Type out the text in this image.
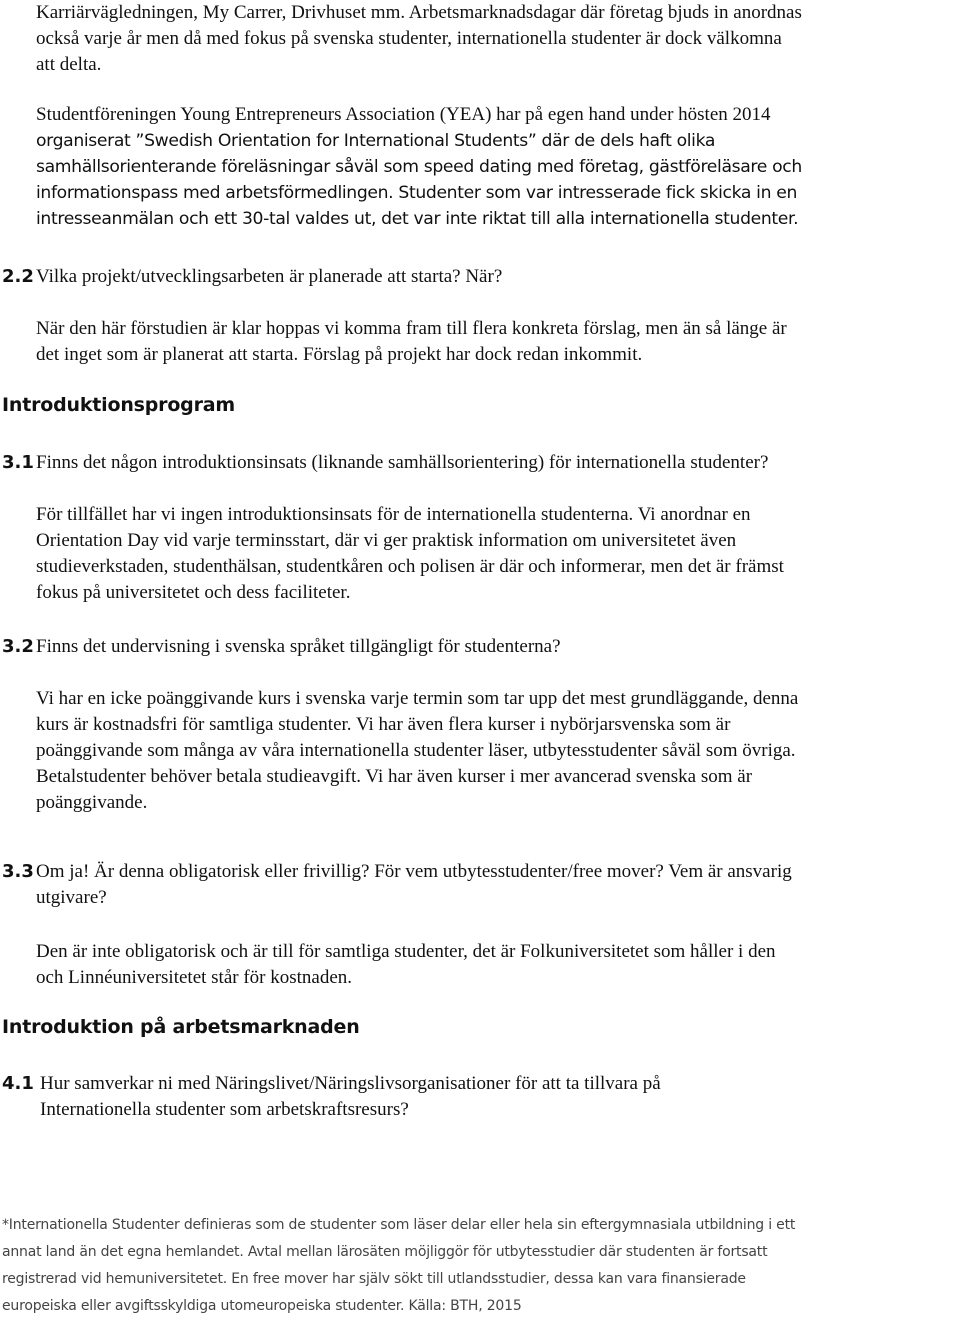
Karriärvägledningen, My Carrer, Drivhuset mm. Arbetsmarknadsdagar där företag bjuds in anordnas
också varje år men då med fokus på svenska studenter, internationella studenter är dock välkomna
att delta.
Studentföreningen Young Entrepreneurs Association (YEA) har på egen hand under hösten 2014
organiserat ”Swedish Orientation for International Students” där de dels haft olika
samhällsorienterande föreläsningar såväl som speed dating med företag, gästföreläsare och
informationspass med arbetsförmedlingen. Studenter som var intresserade fick skicka in en
intresseanmälan och ett 30-tal valdes ut, det var inte riktat till alla internationella studenter.
2.2 Vilka projekt/utvecklingsarbeten är planerade att starta? När?
När den här förstudien är klar hoppas vi komma fram till flera konkreta förslag, men än så länge är
det inget som är planerat att starta. Förslag på projekt har dock redan inkommit.
Introduktionsprogram
3.1 Finns det någon introduktionsinsats (liknande samhällsorientering) för internationella studenter?
För tillfället har vi ingen introduktionsinsats för de internationella studenterna. Vi anordnar en
Orientation Day vid varje terminsstart, där vi ger praktisk information om universitetet även
studieverkstaden, studenthälsan, studentkåren och polisen är där och informerar, men det är främst
fokus på universitetet och dess faciliteter.
3.2 Finns det undervisning i svenska språket tillgängligt för studenterna?
Vi har en icke poänggivande kurs i svenska varje termin som tar upp det mest grundläggande, denna
kurs är kostnadsfri för samtliga studenter. Vi har även flera kurser i nybörjarsvenska som är
poänggivande som många av våra internationella studenter läser, utbytesstudenter såväl som övriga.
Betalstudenter behöver betala studieavgift. Vi har även kurser i mer avancerad svenska som är
poänggivande.
3.3 Om ja! Är denna obligatorisk eller frivillig? För vem utbytesstudenter/free mover? Vem är ansvarig
utgivare?
Den är inte obligatorisk och är till för samtliga studenter, det är Folkuniversitetet som håller i den
och Linnéuniversitetet står för kostnaden.
Introduktion på arbetsmarknaden
4.1 Hur samverkar ni med Näringslivet/Näringslivsorganisationer för att ta tillvara på
Internationella studenter som arbetskraftsresurs?
*Internationella Studenter definieras som de studenter som läser delar eller hela sin eftergymnasiala utbildning i ett
annat land än det egna hemlandet. Avtal mellan lärosäten möjliggör för utbytesstudier där studenten är fortsatt
registrerad vid hemuniversitetet. En free mover har själv sökt till utlandsstudier, dessa kan vara finansierade
europeiska eller avgiftsskyldiga utomeuropeiska studenter. Källa: BTH, 2015
